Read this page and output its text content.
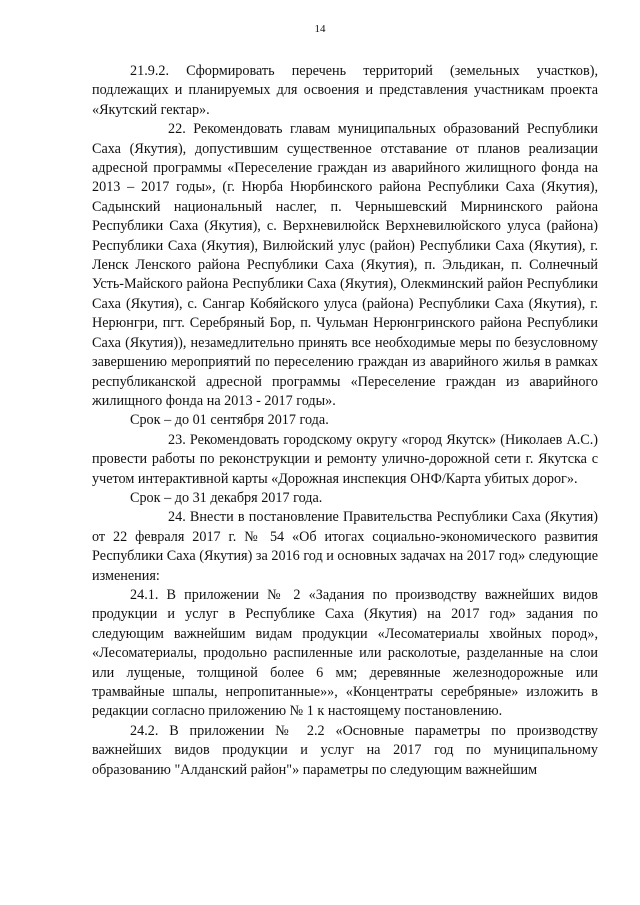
14

21.9.2. Сформировать перечень территорий (земельных участков), подлежащих и планируемых для освоения и представления участникам проекта «Якутский гектар».

22. Рекомендовать главам муниципальных образований Республики Саха (Якутия), допустившим существенное отставание от планов реализации адресной программы «Переселение граждан из аварийного жилищного фонда на 2013 – 2017 годы», (г. Нюрба Нюрбинского района Республики Саха (Якутия), Садынский национальный наслег, п. Чернышевский Мирнинского района Республики Саха (Якутия), с. Верхневилюйск Верхневилюйского улуса (района) Республики Саха (Якутия), Вилюйский улус (район) Республики Саха (Якутия), г. Ленск Ленского района Республики Саха (Якутия), п. Эльдикан, п. Солнечный Усть-Майского района Республики Саха (Якутия), Олекминский район Республики Саха (Якутия), с. Сангар Кобяйского улуса (района) Республики Саха (Якутия), г. Нерюнгри, пгт. Серебряный Бор, п. Чульман Нерюнгринского района Республики Саха (Якутия)), незамедлительно принять все необходимые меры по безусловному завершению мероприятий по переселению граждан из аварийного жилья в рамках республиканской адресной программы «Переселение граждан из аварийного жилищного фонда на 2013 - 2017 годы».

Срок – до 01 сентября 2017 года.

23. Рекомендовать городскому округу «город Якутск» (Николаев А.С.) провести работы по реконструкции и ремонту улично-дорожной сети г. Якутска с учетом интерактивной карты «Дорожная инспекция ОНФ/Карта убитых дорог».

Срок – до 31 декабря 2017 года.

24. Внести в постановление Правительства Республики Саха (Якутия) от 22 февраля 2017 г. № 54 «Об итогах социально-экономического развития Республики Саха (Якутия) за 2016 год и основных задачах на 2017 год» следующие изменения:

24.1. В приложении № 2 «Задания по производству важнейших видов продукции и услуг в Республике Саха (Якутия) на 2017 год» задания по следующим важнейшим видам продукции «Лесоматериалы хвойных пород», «Лесоматериалы, продольно распиленные или расколотые, разделанные на слои или лущеные, толщиной более 6 мм; деревянные железнодорожные или трамвайные шпалы, непропитанные»», «Концентраты серебряные» изложить в редакции согласно приложению № 1 к настоящему постановлению.

24.2. В приложении № 2.2 «Основные параметры по производству важнейших видов продукции и услуг на 2017 год по муниципальному образованию "Алданский район"» параметры по следующим важнейшим
